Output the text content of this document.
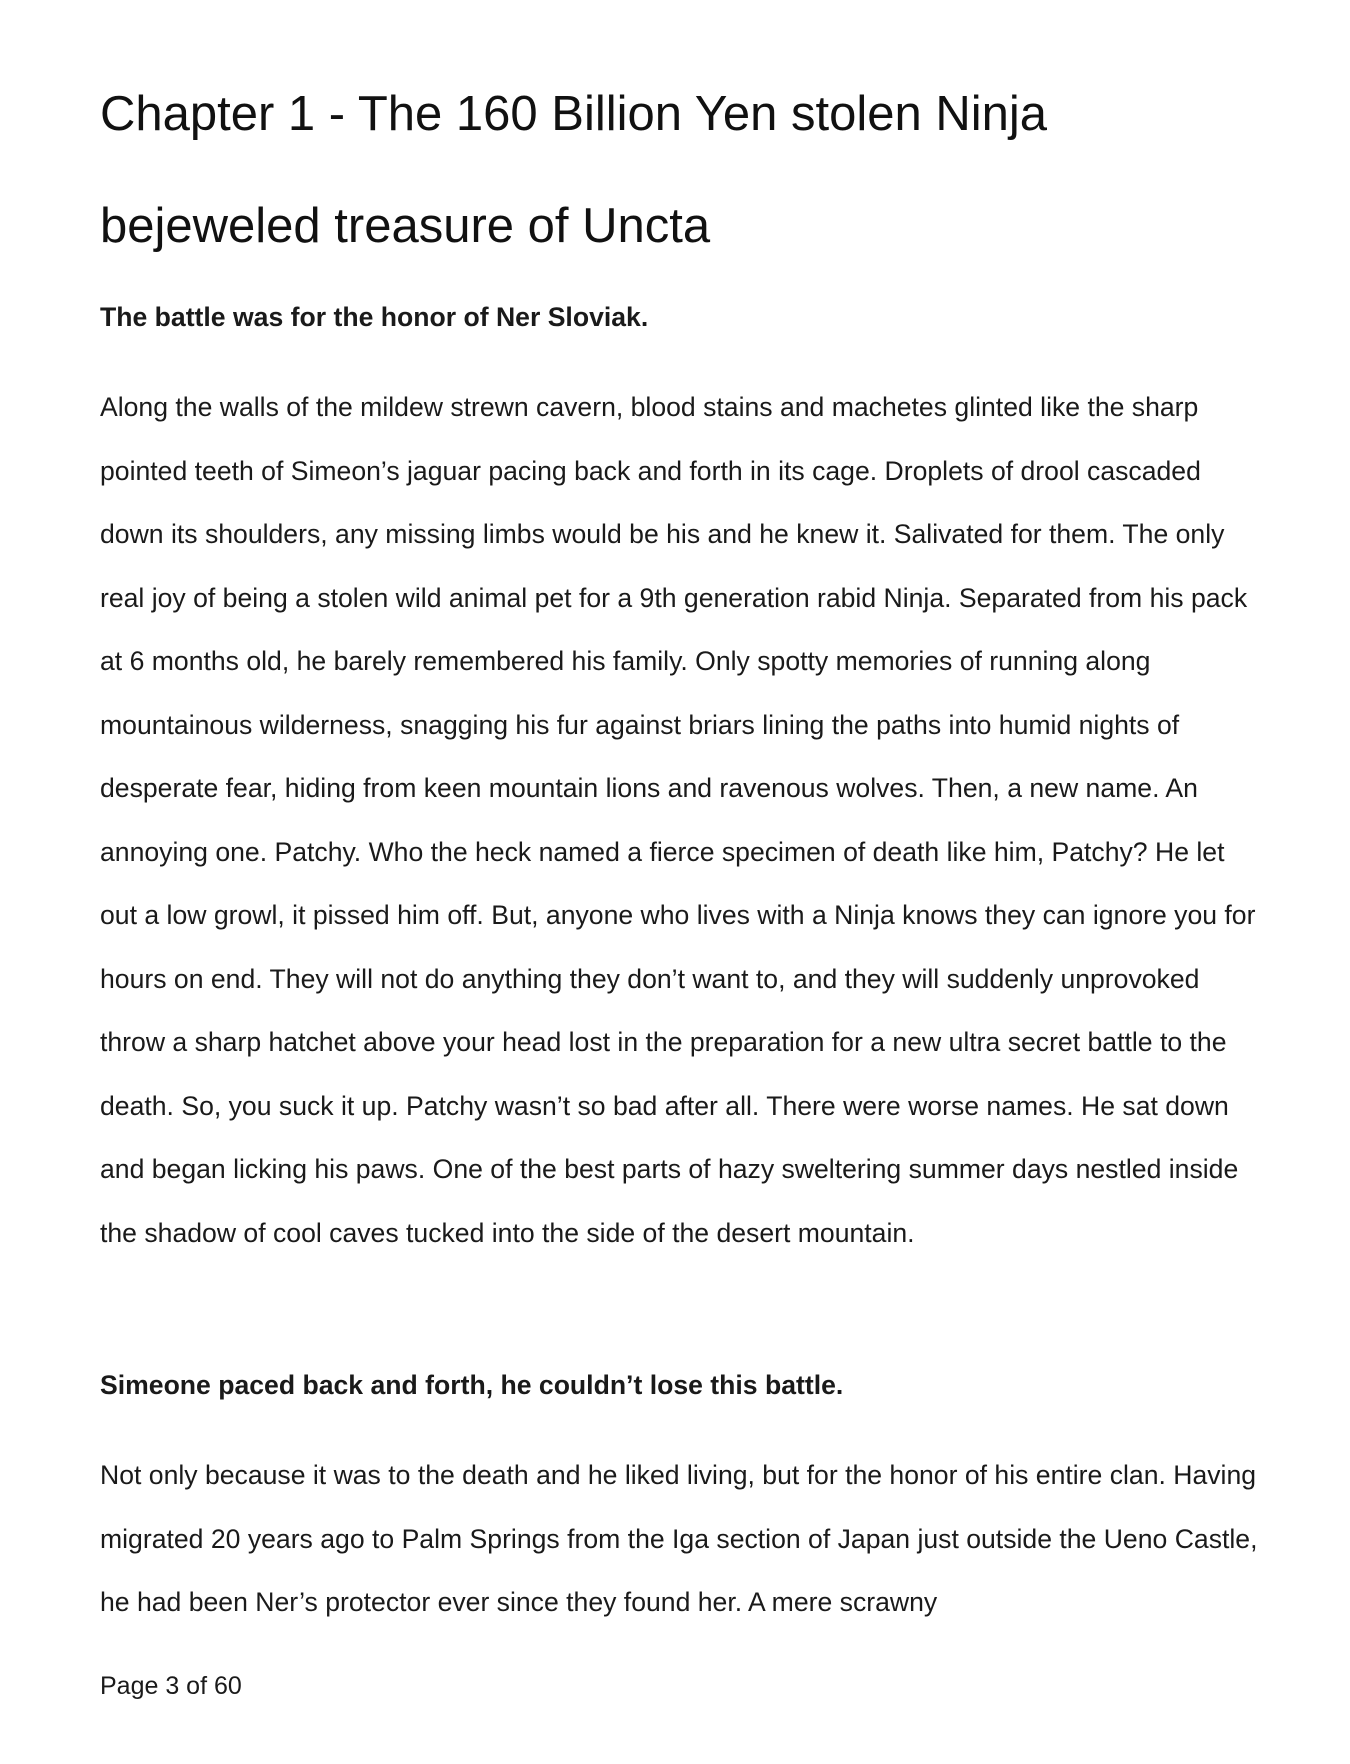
Chapter 1 - The 160 Billion Yen stolen Ninja bejeweled treasure of Uncta

The battle was for the honor of Ner Sloviak.

Along the walls of the mildew strewn cavern, blood stains and machetes glinted like the sharp pointed teeth of Simeon’s jaguar pacing back and forth in its cage. Droplets of drool cascaded down its shoulders, any missing limbs would be his and he knew it. Salivated for them. The only real joy of being a stolen wild animal pet for a 9th generation rabid Ninja. Separated from his pack at 6 months old, he barely remembered his family. Only spotty memories of running along mountainous wilderness, snagging his fur against briars lining the paths into humid nights of desperate fear, hiding from keen mountain lions and ravenous wolves. Then, a new name. An annoying one. Patchy. Who the heck named a fierce specimen of death like him, Patchy? He let out a low growl, it pissed him off. But, anyone who lives with a Ninja knows they can ignore you for hours on end. They will not do anything they don’t want to, and they will suddenly unprovoked throw a sharp hatchet above your head lost in the preparation for a new ultra secret battle to the death. So, you suck it up. Patchy wasn’t so bad after all. There were worse names. He sat down and began licking his paws. One of the best parts of hazy sweltering summer days nestled inside the shadow of cool caves tucked into the side of the desert mountain.

Simeone paced back and forth, he couldn’t lose this battle.

Not only because it was to the death and he liked living, but for the honor of his entire clan. Having migrated 20 years ago to Palm Springs from the Iga section of Japan just outside the Ueno Castle, he had been Ner’s protector ever since they found her. A mere scrawny

Page 3 of 60
